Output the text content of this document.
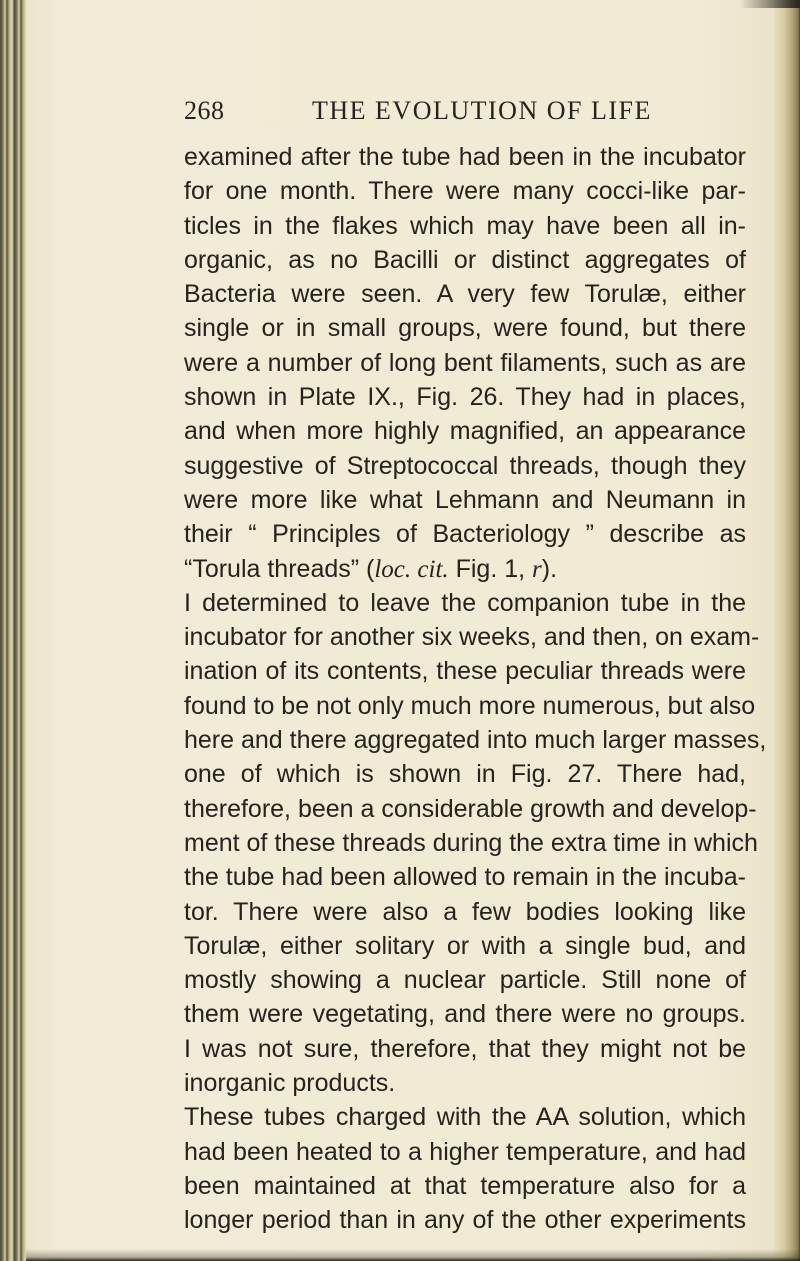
268	THE EVOLUTION OF LIFE
examined after the tube had been in the incubator
for one month. There were many cocci-like par-
ticles in the flakes which may have been all in-
organic, as no Bacilli or distinct aggregates of
Bacteria were seen. A very few Torulæ, either
single or in small groups, were found, but there
were a number of long bent filaments, such as are
shown in Plate IX., Fig. 26. They had in places,
and when more highly magnified, an appearance
suggestive of Streptococcal threads, though they
were more like what Lehmann and Neumann in
their “ Principles of Bacteriology ” describe as
“Torula threads” (loc. cit. Fig. 1, r).
I determined to leave the companion tube in the
incubator for another six weeks, and then, on exam-
ination of its contents, these peculiar threads were
found to be not only much more numerous, but also
here and there aggregated into much larger masses,
one of which is shown in Fig. 27. There had,
therefore, been a considerable growth and develop-
ment of these threads during the extra time in which
the tube had been allowed to remain in the incuba-
tor. There were also a few bodies looking like
Torulæ, either solitary or with a single bud, and
mostly showing a nuclear particle. Still none of
them were vegetating, and there were no groups.
I was not sure, therefore, that they might not be
inorganic products.
These tubes charged with the AA solution, which
had been heated to a higher temperature, and had
been maintained at that temperature also for a
longer period than in any of the other experiments
